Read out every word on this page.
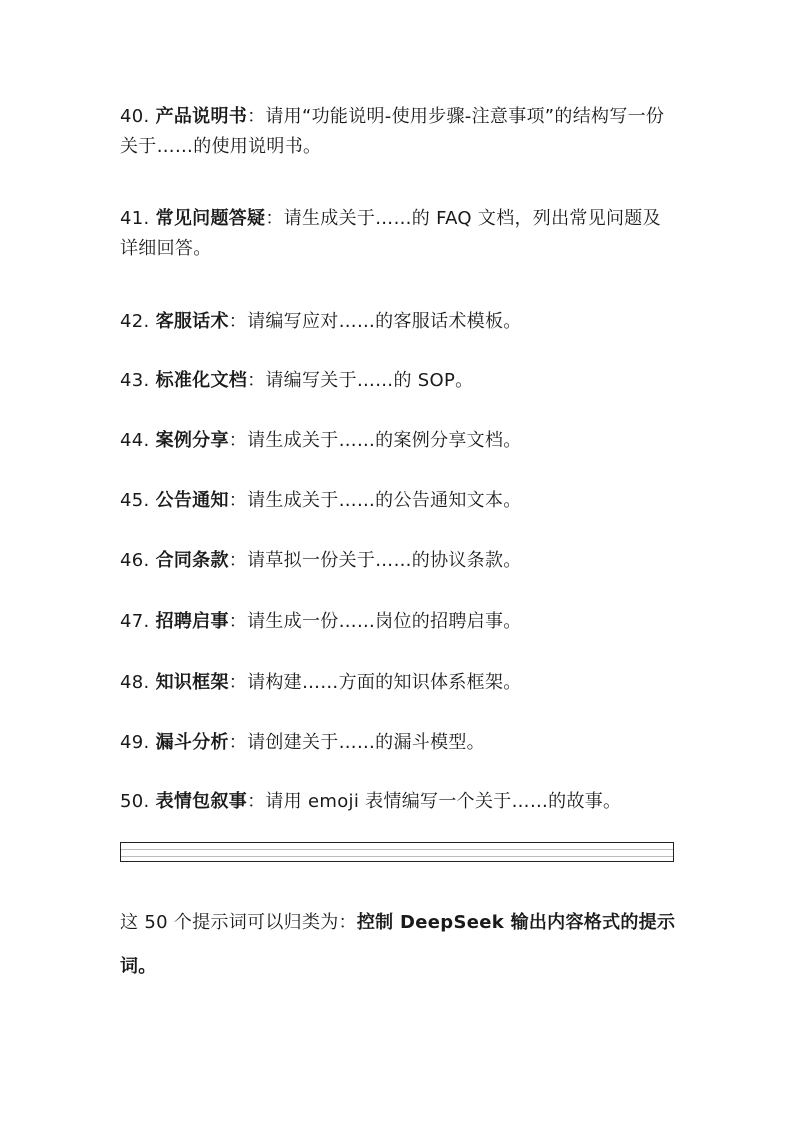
40. 产品说明书：请用“功能说明-使用步骤-注意事项”的结构写一份关于……的使用说明书。
41. 常见问题答疑：请生成关于……的 FAQ 文档，列出常见问题及详细回答。
42. 客服话术：请编写应对……的客服话术模板。
43. 标准化文档：请编写关于……的 SOP。
44. 案例分享：请生成关于……的案例分享文档。
45. 公告通知：请生成关于……的公告通知文本。
46. 合同条款：请草拟一份关于……的协议条款。
47. 招聘启事：请生成一份……岗位的招聘启事。
48. 知识框架：请构建……方面的知识体系框架。
49. 漏斗分析：请创建关于……的漏斗模型。
50. 表情包叙事：请用 emoji 表情编写一个关于……的故事。
这 50 个提示词可以归类为：控制 DeepSeek 输出内容格式的提示词。
